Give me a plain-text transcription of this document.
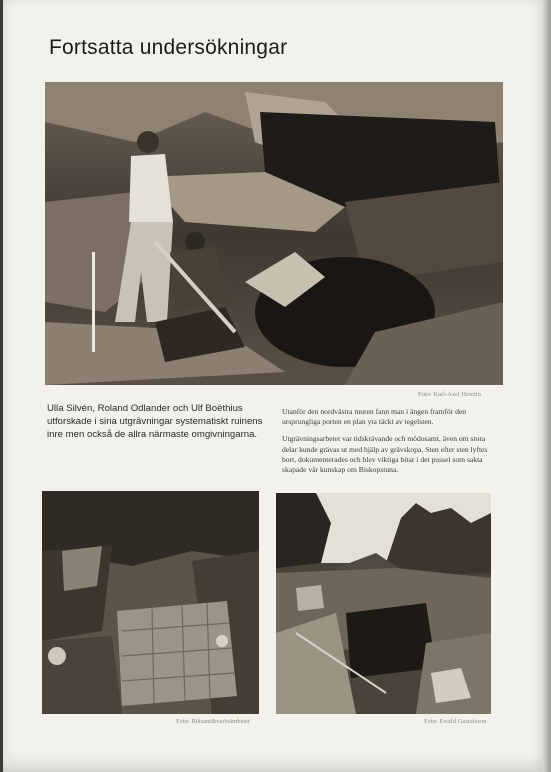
Fortsatta undersökningar
Foto: Karl-Axel Hemlin
Ulla Silvén, Roland Odlander och Ulf Boëthius utforskade i sina utgrävningar systematiskt ruinens inre men också de allra närmaste omgivningarna.

Utanför den nordvästra muren fann man i ängen framför den ursprungliga porten en plan yta täckt av tegelsten.

Utgrävningsarbetet var tidskrävande och mödosamt, även om stora delar kunde grävas ut med hjälp av grävskopa. Sten efter sten lyftes bort, dokumenterades och blev viktiga bitar i det pussel som sakta skapade vår kunskap om Biskopstuna.

Foto: Riksantikvarieämbetet	Foto: Ewald Gustafsson
